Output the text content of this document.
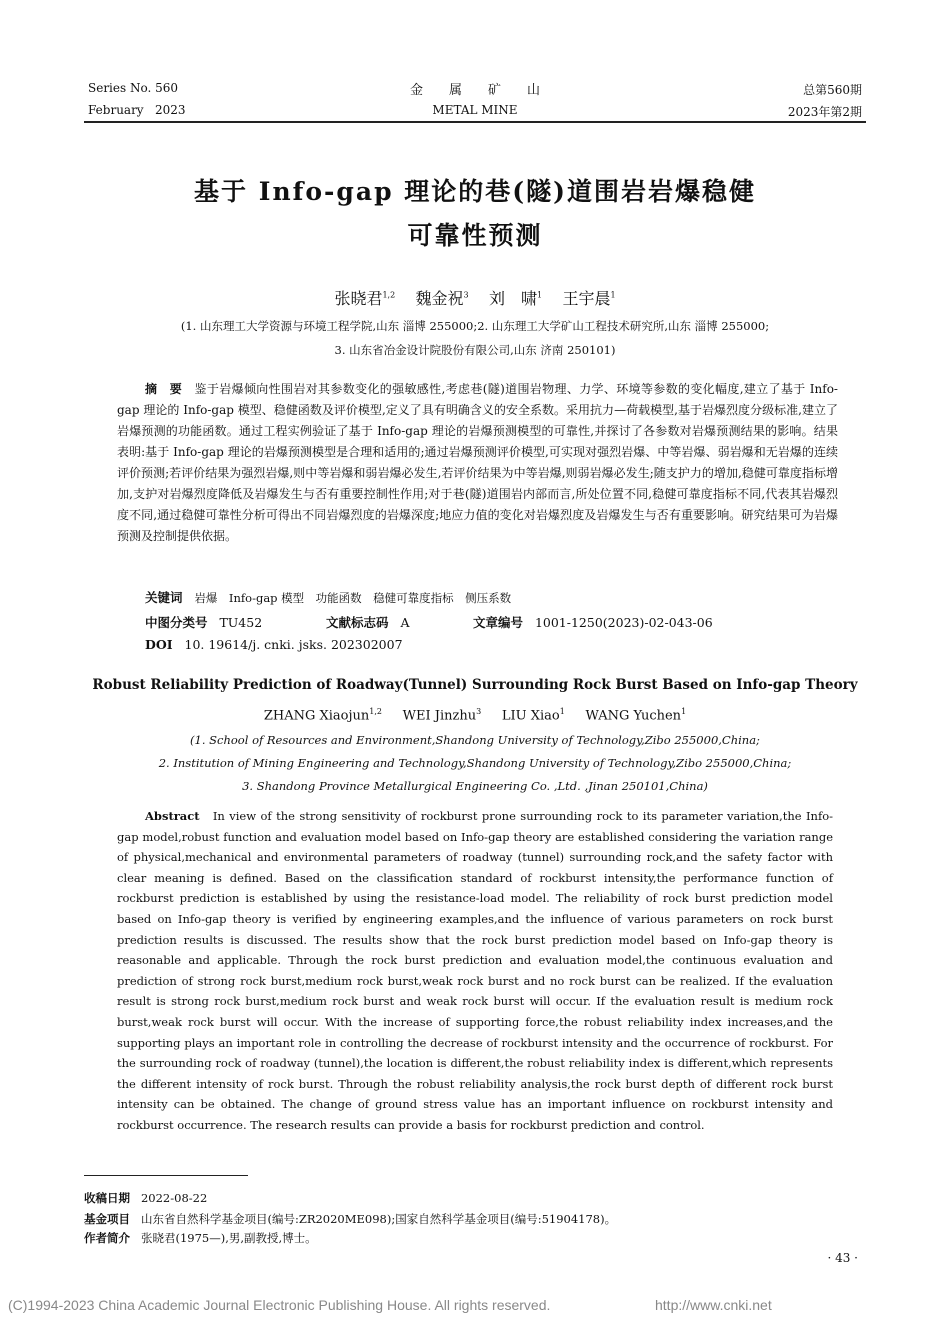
Series No. 560
February   2023
金　　属　　矿　　山
METAL MINE
总第560期
2023年第2期
基于 Info-gap 理论的巷(隧)道围岩岩爆稳健
可靠性预测
张晓君$^{1,2}$ 魏金祝$^3$ 刘　啸$^1$ 王宇晨$^1$
(1. 山东理工大学资源与环境工程学院,山东 淄博 255000;2. 山东理工大学矿山工程技术研究所,山东 淄博 255000;
3. 山东省冶金设计院股份有限公司,山东 济南 250101)
摘　要 鉴于岩爆倾向性围岩对其参数变化的强敏感性,考虑巷(隧)道围岩物理、力学、环境等参数的变化幅度,建立了基于 Info-gap 理论的 Info-gap 模型、稳健函数及评价模型,定义了具有明确含义的安全系数。采用抗力—荷载模型,基于岩爆烈度分级标准,建立了岩爆预测的功能函数。通过工程实例验证了基于 Info-gap 理论的岩爆预测模型的可靠性,并探讨了各参数对岩爆预测结果的影响。结果表明:基于 Info-gap 理论的岩爆预测模型是合理和适用的;通过岩爆预测评价模型,可实现对强烈岩爆、中等岩爆、弱岩爆和无岩爆的连续评价预测;若评价结果为强烈岩爆,则中等岩爆和弱岩爆必发生,若评价结果为中等岩爆,则弱岩爆必发生;随支护力的增加,稳健可靠度指标增加,支护对岩爆烈度降低及岩爆发生与否有重要控制性作用;对于巷(隧)道围岩内部而言,所处位置不同,稳健可靠度指标不同,代表其岩爆烈度不同,通过稳健可靠性分析可得出不同岩爆烈度的岩爆深度;地应力值的变化对岩爆烈度及岩爆发生与否有重要影响。研究结果可为岩爆预测及控制提供依据。
关键词 岩爆　Info-gap 模型　功能函数　稳健可靠度指标　侧压系数
中图分类号 TU452	文献标志码 A	文章编号 1001-1250(2023)-02-043-06
DOI 10. 19614/j. cnki. jsks. 202302007
Robust Reliability Prediction of Roadway(Tunnel) Surrounding Rock Burst Based on Info-gap Theory
ZHANG Xiaojun$^{1,2}$ WEI Jinzhu$^3$ LIU Xiao$^1$ WANG Yuchen$^1$
(1. School of Resources and Environment,Shandong University of Technology,Zibo 255000,China;
2. Institution of Mining Engineering and Technology,Shandong University of Technology,Zibo 255000,China;
3. Shandong Province Metallurgical Engineering Co. ,Ltd. ,Jinan 250101,China)
Abstract In view of the strong sensitivity of rockburst prone surrounding rock to its parameter variation,the Info-gap model,robust function and evaluation model based on Info-gap theory are established considering the variation range of physical,mechanical and environmental parameters of roadway (tunnel) surrounding rock,and the safety factor with clear meaning is defined. Based on the classification standard of rockburst intensity,the performance function of rockburst prediction is established by using the resistance-load model. The reliability of rock burst prediction model based on Info-gap theory is verified by engineering examples,and the influence of various parameters on rock burst prediction results is discussed. The results show that the rock burst prediction model based on Info-gap theory is reasonable and applicable. Through the rock burst prediction and evaluation model,the continuous evaluation and prediction of strong rock burst,medium rock burst,weak rock burst and no rock burst can be realized. If the evaluation result is strong rock burst,medium rock burst and weak rock burst will occur. If the evaluation result is medium rock burst,weak rock burst will occur. With the increase of supporting force,the robust reliability index increases,and the supporting plays an important role in controlling the decrease of rockburst intensity and the occurrence of rockburst. For the surrounding rock of roadway (tunnel),the location is different,the robust reliability index is different,which represents the different intensity of rock burst. Through the robust reliability analysis,the rock burst depth of different rock burst intensity can be obtained. The change of ground stress value has an important influence on rockburst intensity and rockburst occurrence. The research results can provide a basis for rockburst prediction and control.
收稿日期 2022-08-22
基金项目 山东省自然科学基金项目(编号:ZR2020ME098);国家自然科学基金项目(编号:51904178)。
作者简介 张晓君(1975—),男,副教授,博士。
· 43 ·
(C)1994-2023 China Academic Journal Electronic Publishing House. All rights reserved.	http://www.cnki.net
